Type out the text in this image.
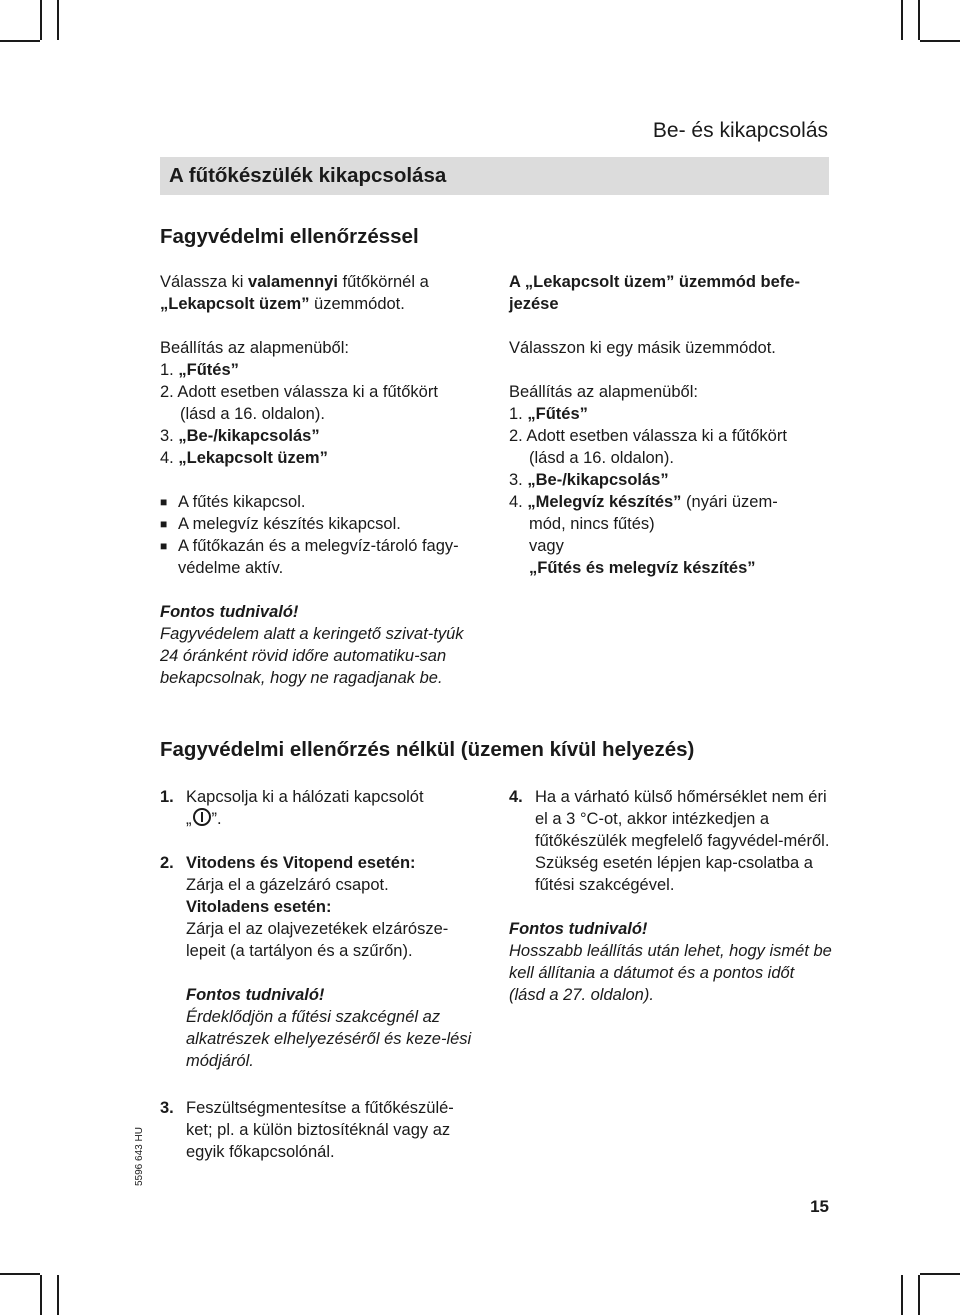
Be- és kikapcsolás
A fűtőkészülék kikapcsolása
Fagyvédelmi ellenőrzéssel

Válassza ki valamennyi fűtőkörnél a
„Lekapcsolt üzem” üzemmódot.

Beállítás az alapmenüből:

1. „Fűtés”

2. Adott esetben válassza ki a fűtőkört

(lásd a 16. oldalon).

3. „Be-/kikapcsolás”

4. „Lekapcsolt üzem”

■ A fűtés kikapcsol.

■ A melegvíz készítés kikapcsol.

■ A fűtőkazán és a melegvíz-tároló fagy-védelme aktív.

Fontos tudnivaló!

Fagyvédelem alatt a keringető szivat-tyúk 24 óránként rövid időre automatiku-san bekapcsolnak, hogy ne ragadjanak be.

A „Lekapcsolt üzem” üzemmód befe-jezése

Válasszon ki egy másik üzemmódot.

Beállítás az alapmenüből:

1. „Fűtés”

2. Adott esetben válassza ki a fűtőkört

(lásd a 16. oldalon).

3. „Be-/kikapcsolás”

4. „Melegvíz készítés” (nyári üzem-

mód, nincs fűtés)

vagy

„Fűtés és melegvíz készítés”

Fagyvédelmi ellenőrzés nélkül (üzemen kívül helyezés)
1. Kapcsolja ki a hálózati kapcsolót
„ ”.
2. Vitodens és Vitopend esetén:
Zárja el a gázelzáró csapot.
Vitoladens esetén:
Zárja el az olajvezetékek elzárósze-lepeit (a tartályon és a szűrőn).

Fontos tudnivaló!

Érdeklődjön a fűtési szakcégnél az alkatrészek elhelyezéséről és keze-lési módjáról.

3. Feszültségmentesítse a fűtőkészülé-ket; pl. a külön biztosítéknál vagy az egyik főkapcsolónál.
4. Ha a várható külső hőmérséklet nem éri el a 3 °C-ot, akkor intézkedjen a fűtőkészülék megfelelő fagyvédel-méről. Szükség esetén lépjen kap-csolatba a fűtési szakcégével.

Fontos tudnivaló!

Hosszabb leállítás után lehet, hogy ismét be kell állítania a dátumot és a pontos időt (lásd a 27. oldalon).

5596 643 HU
15
